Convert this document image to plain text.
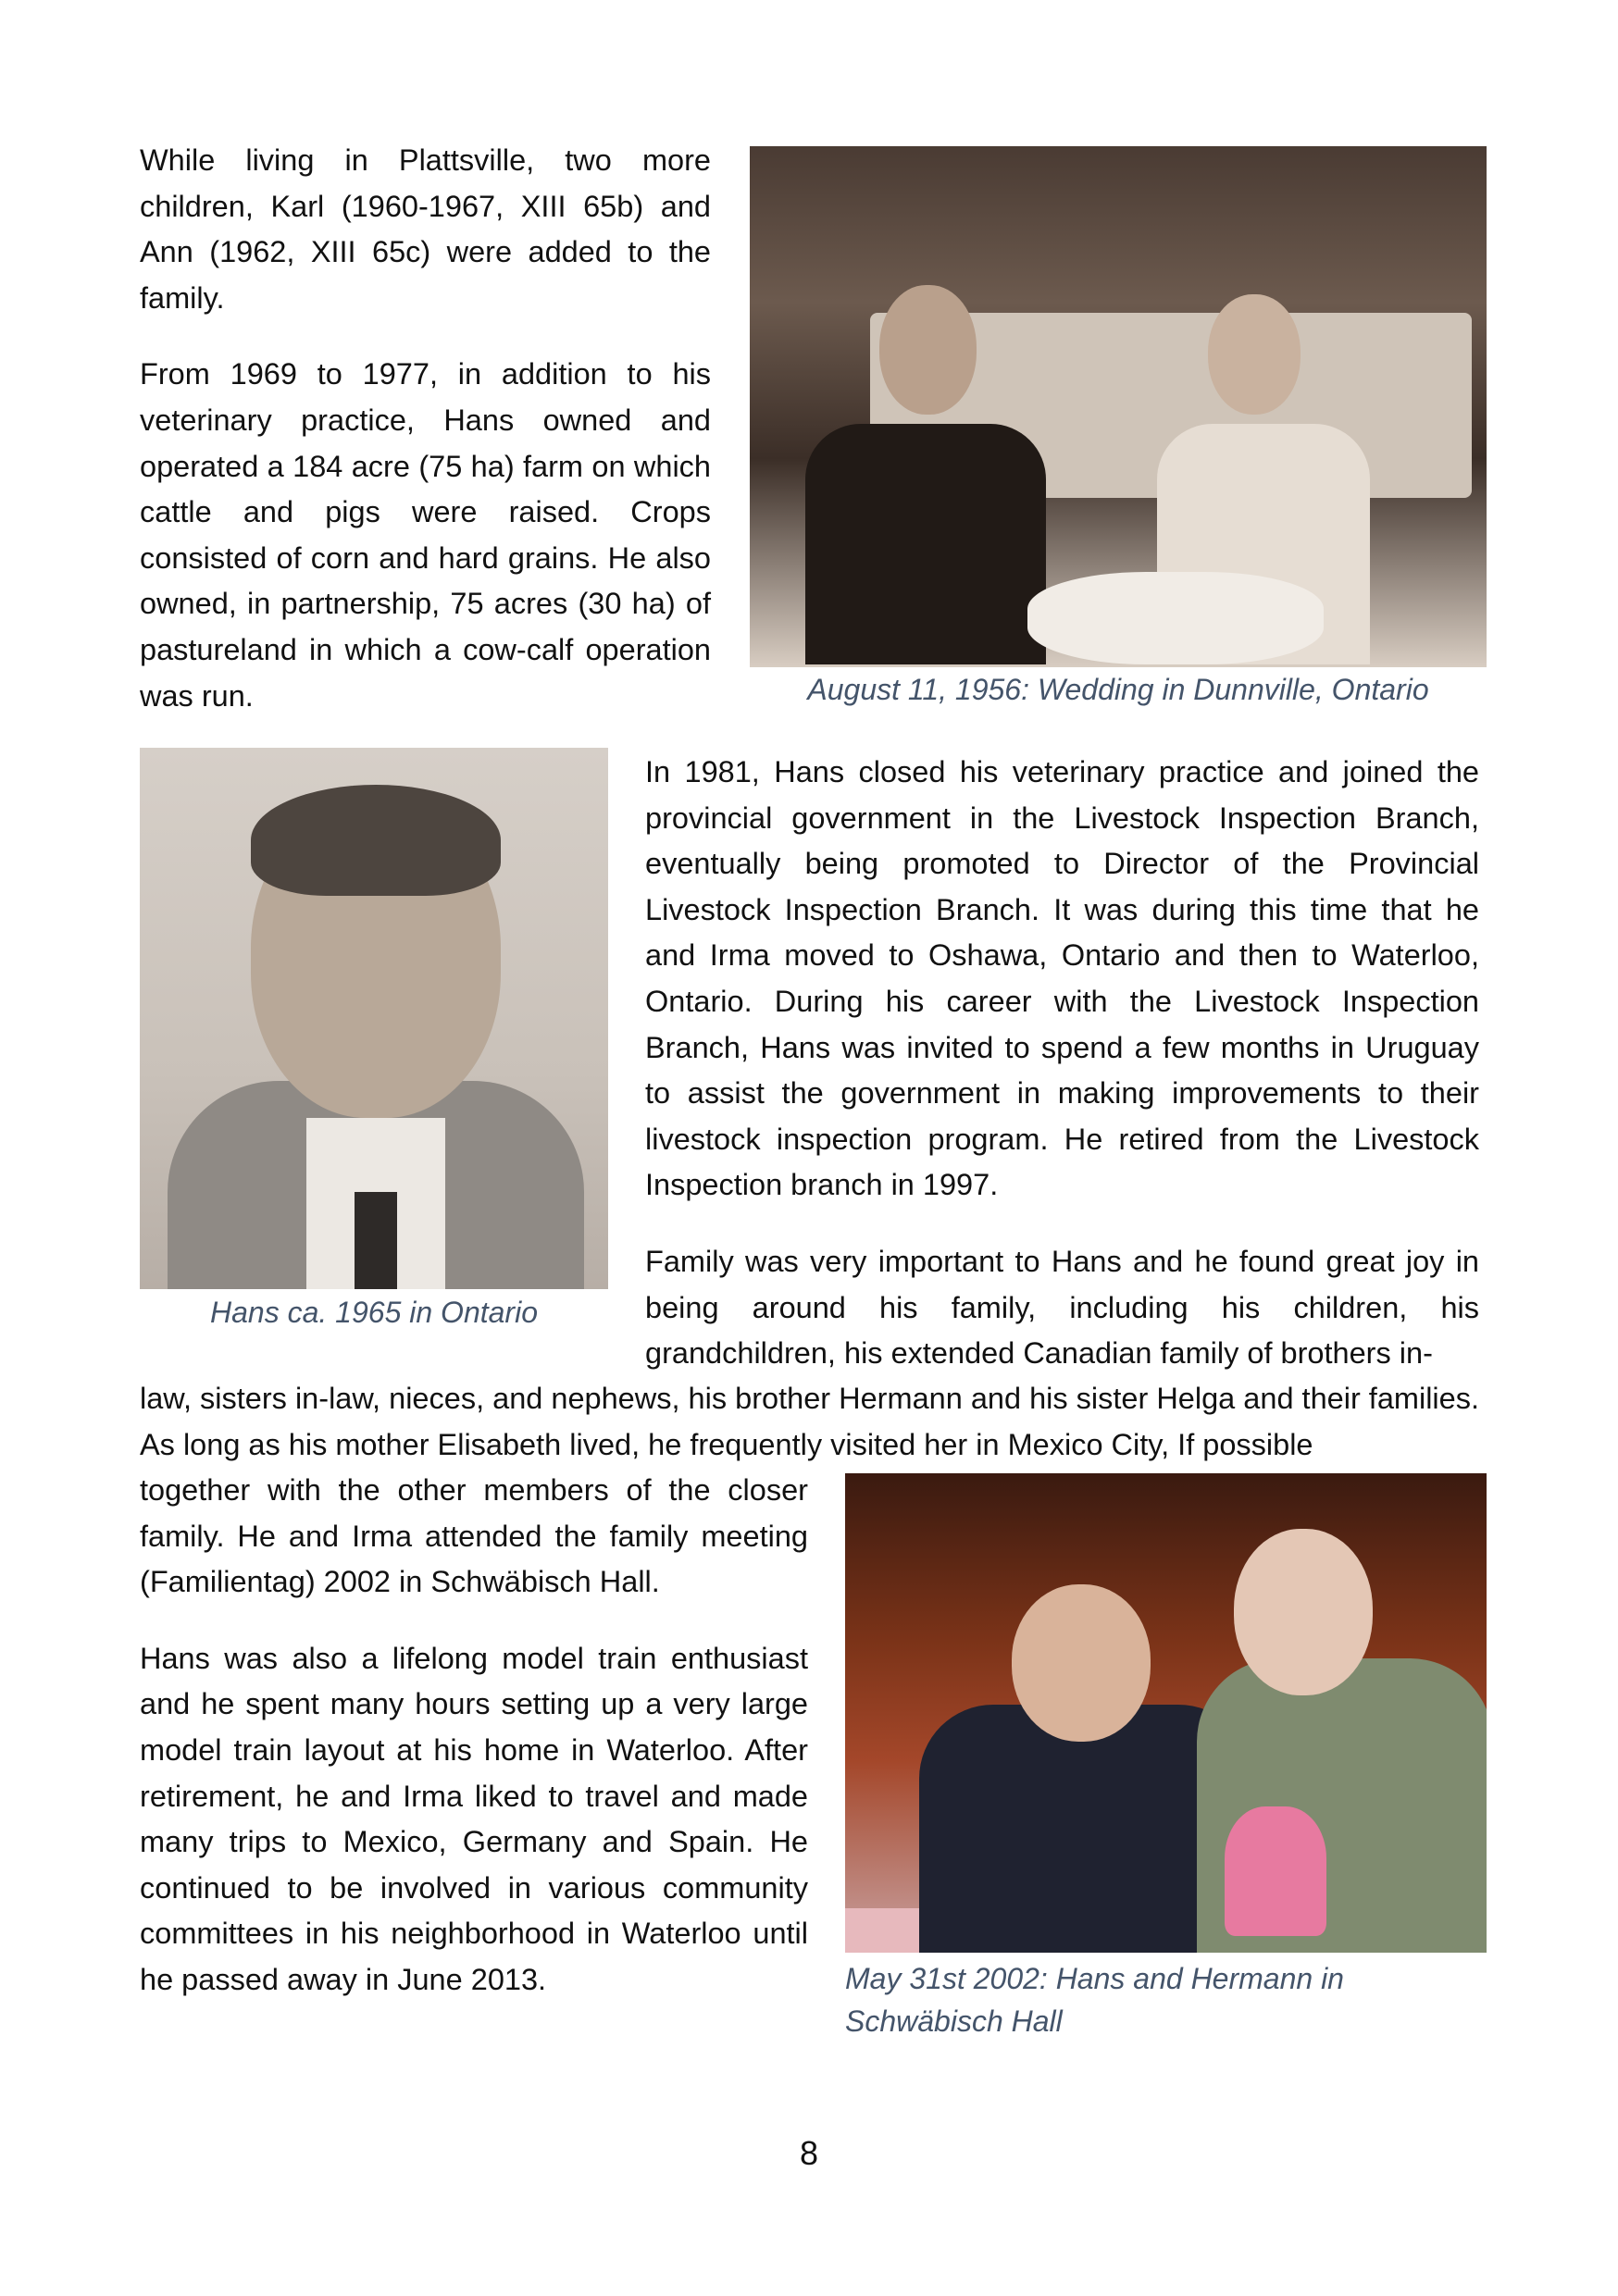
While living in Plattsville, two more children, Karl (1960-1967, XIII 65b) and Ann (1962, XIII 65c) were added to the family.

From 1969 to 1977, in addition to his veterinary practice, Hans owned and operated a 184 acre (75 ha) farm on which cattle and pigs were raised. Crops consisted of corn and hard grains. He also owned, in partnership, 75 acres (30 ha) of pastureland in which a cow-calf operation was run.	August 11, 1956: Wedding in Dunnville, Ontario
Hans ca. 1965 in Ontario
In 1981, Hans closed his veterinary practice and joined the provincial government in the Livestock Inspection Branch, eventually being promoted to Director of the Provincial Livestock Inspection Branch. It was during this time that he and Irma moved to Oshawa, Ontario and then to Waterloo, Ontario. During his career with the Livestock Inspection Branch, Hans was invited to spend a few months in Uruguay to assist the government in making improvements to their livestock inspection program. He retired from the Livestock Inspection branch in 1997.
Family was very important to Hans and he found great joy in being around his family, including his children, his grandchildren, his extended Canadian family of brothers in-
law, sisters in-law, nieces, and nephews, his brother Hermann and his sister Helga and their families. As long as his mother Elisabeth lived, he frequently visited her in Mexico City, If possible

together with the other members of the closer family. He and Irma attended the family meeting (Familientag) 2002 in Schwäbisch Hall.

Hans was also a lifelong model train enthusiast and he spent many hours setting up a very large model train layout at his home in Waterloo. After retirement, he and Irma liked to travel and made many trips to Mexico, Germany and Spain. He continued to be involved in various community committees in his neighborhood in Waterloo until he passed away in June 2013.	May 31st 2002: Hans and Hermann in
Schwäbisch Hall
8
